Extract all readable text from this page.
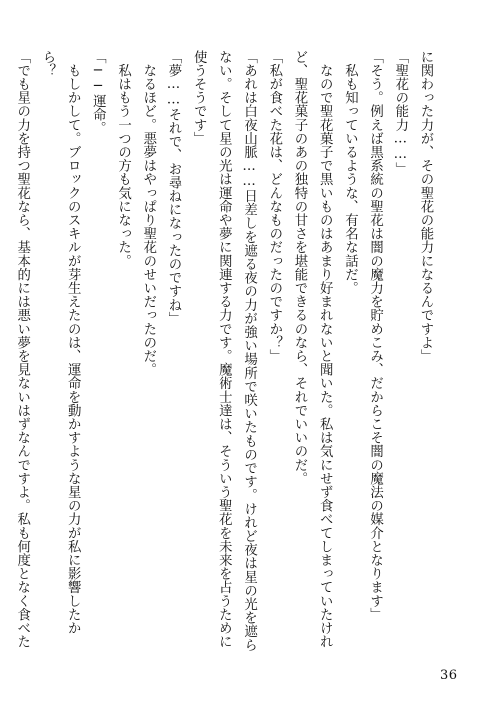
に関わった力が、その聖花の能力になるんですよ」
「聖花の能力……」
「そう。例えば黒系統の聖花は闇の魔力を貯めこみ、だからこそ闇の魔法の媒介となります」
　私も知っているような、有名な話だ。
　なので聖花菓子で黒いものはあまり好まれないと聞いた。私は気にせず食べてしまっていたけれ
ど、聖花菓子のあの独特の甘さを堪能できるのなら、それでいいのだ。
「私が食べた花は、どんなものだったのですか？」
「あれは白夜山脈……日差しを遮る夜の力が強い場所で咲いたものです。けれど夜は星の光を遮ら
ない。そして星の光は運命や夢に関連する力です。魔術士達は、そういう聖花を未来を占うために
使うそうです」
「夢……それで、お尋ねになったのですね」
　なるほど。悪夢はやっぱり聖花のせいだったのだ。
　私はもう一つの方も気になった。
「──運命。
　もしかして。ブロックのスキルが芽生えたのは、運命を動かすような星の力が私に影響したか
ら？
「でも星の力を持つ聖花なら、基本的には悪い夢を見ないはずなんですよ。私も何度となく食べた
36
